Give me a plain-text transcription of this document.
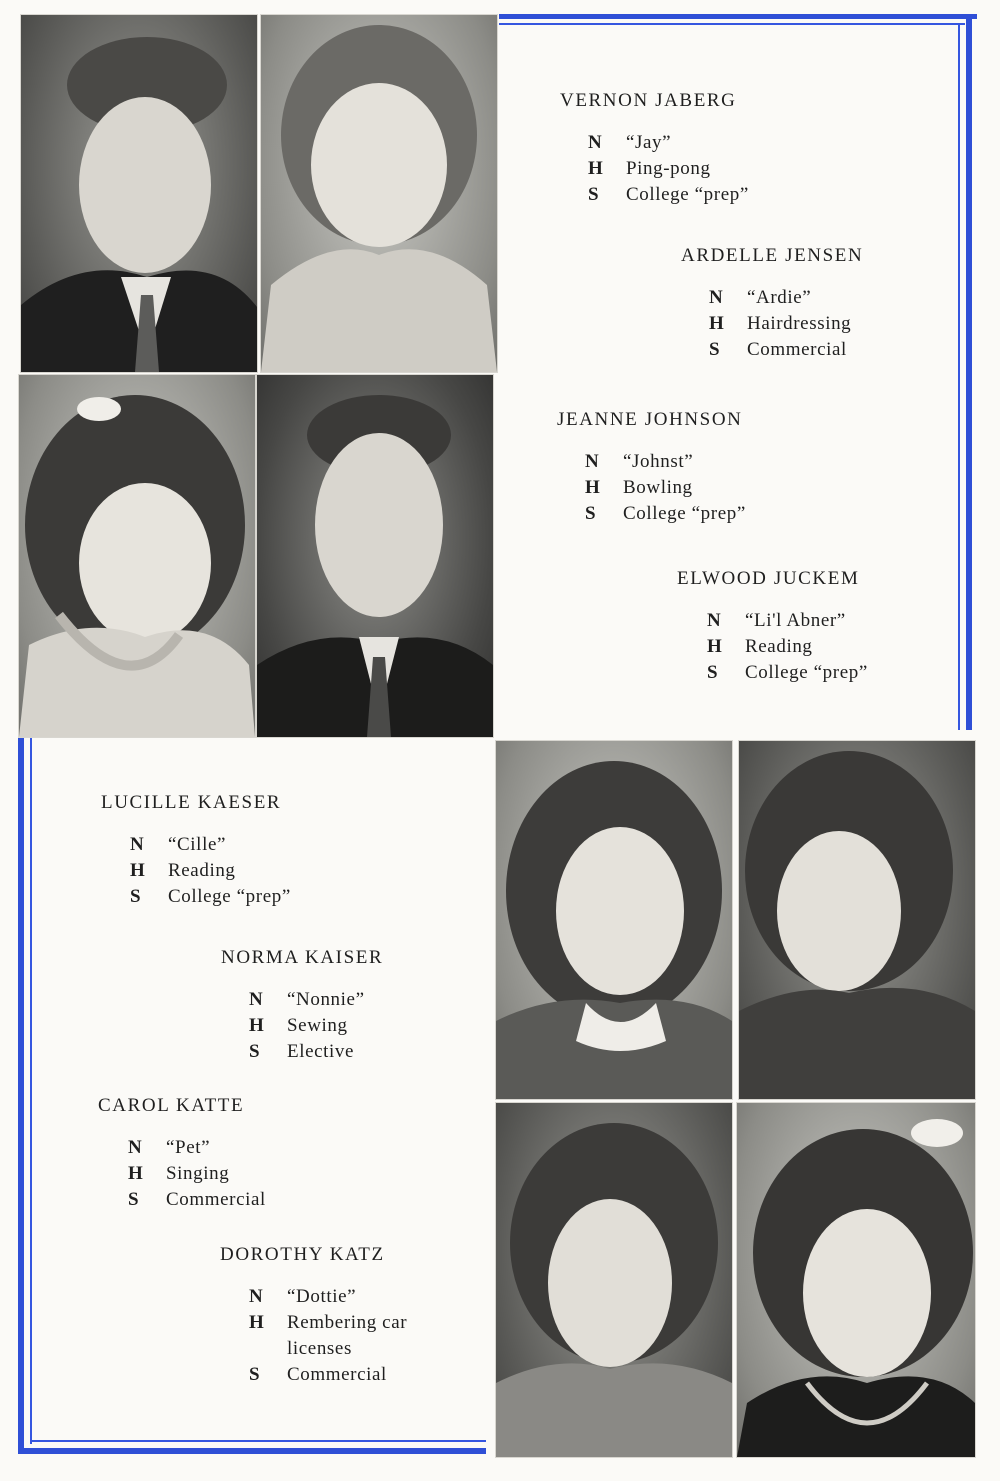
VERNON JABERG
N	“Jay”
H	Ping-pong
S	College “prep”
ARDELLE JENSEN
N	“Ardie”
H	Hairdressing
S	Commercial
JEANNE JOHNSON
N	“Johnst”
H	Bowling
S	College “prep”
ELWOOD JUCKEM
N	“Li'l Abner”
H	Reading
S	College “prep”
LUCILLE KAESER
N	“Cille”
H	Reading
S	College “prep”
NORMA KAISER
N	“Nonnie”
H	Sewing
S	Elective
CAROL KATTE
N	“Pet”
H	Singing
S	Commercial
DOROTHY KATZ
N	“Dottie”
H	Rembering car licenses
S	Commercial
